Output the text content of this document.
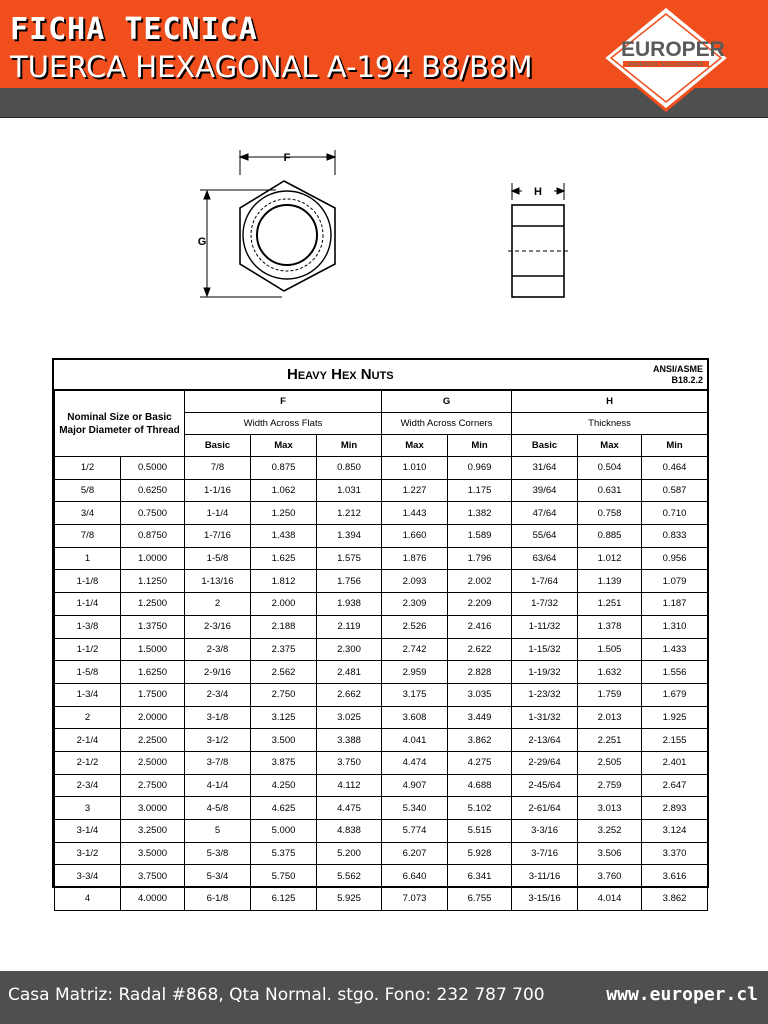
FICHA TECNICA
TUERCA HEXAGONAL A-194 B8/B8M
EUROPER
UNIENDO SOLUCIONES
F
G
H
Heavy Hex Nuts	ANSI/ASME
B18.2.2
Nominal Size or Basic Major Diameter of Thread		F			G		H		
		Width Across Flats			Width Across Corners		Thickness		
		Basic	Max	Min	Max	Min	Basic	Max	Min
1/2	0.5000	7/8	0.875	0.850	1.010	0.969	31/64	0.504	0.464
5/8	0.6250	1-1/16	1.062	1.031	1.227	1.175	39/64	0.631	0.587
3/4	0.7500	1-1/4	1.250	1.212	1.443	1.382	47/64	0.758	0.710
7/8	0.8750	1-7/16	1.438	1.394	1.660	1.589	55/64	0.885	0.833
1	1.0000	1-5/8	1.625	1.575	1.876	1.796	63/64	1.012	0.956
1-1/8	1.1250	1-13/16	1.812	1.756	2.093	2.002	1-7/64	1.139	1.079
1-1/4	1.2500	2	2.000	1.938	2.309	2.209	1-7/32	1.251	1.187
1-3/8	1.3750	2-3/16	2.188	2.119	2.526	2.416	1-11/32	1.378	1.310
1-1/2	1.5000	2-3/8	2.375	2.300	2.742	2.622	1-15/32	1.505	1.433
1-5/8	1.6250	2-9/16	2.562	2.481	2.959	2.828	1-19/32	1.632	1.556
1-3/4	1.7500	2-3/4	2.750	2.662	3.175	3.035	1-23/32	1.759	1.679
2	2.0000	3-1/8	3.125	3.025	3.608	3.449	1-31/32	2.013	1.925
2-1/4	2.2500	3-1/2	3.500	3.388	4.041	3.862	2-13/64	2.251	2.155
2-1/2	2.5000	3-7/8	3.875	3.750	4.474	4.275	2-29/64	2.505	2.401
2-3/4	2.7500	4-1/4	4.250	4.112	4.907	4.688	2-45/64	2.759	2.647
3	3.0000	4-5/8	4.625	4.475	5.340	5.102	2-61/64	3.013	2.893
3-1/4	3.2500	5	5.000	4.838	5.774	5.515	3-3/16	3.252	3.124
3-1/2	3.5000	5-3/8	5.375	5.200	6.207	5.928	3-7/16	3.506	3.370
3-3/4	3.7500	5-3/4	5.750	5.562	6.640	6.341	3-11/16	3.760	3.616
4	4.0000	6-1/8	6.125	5.925	7.073	6.755	3-15/16	4.014	3.862
Casa Matriz: Radal #868, Qta Normal. stgo. Fono: 232 787 700	www.europer.cl
